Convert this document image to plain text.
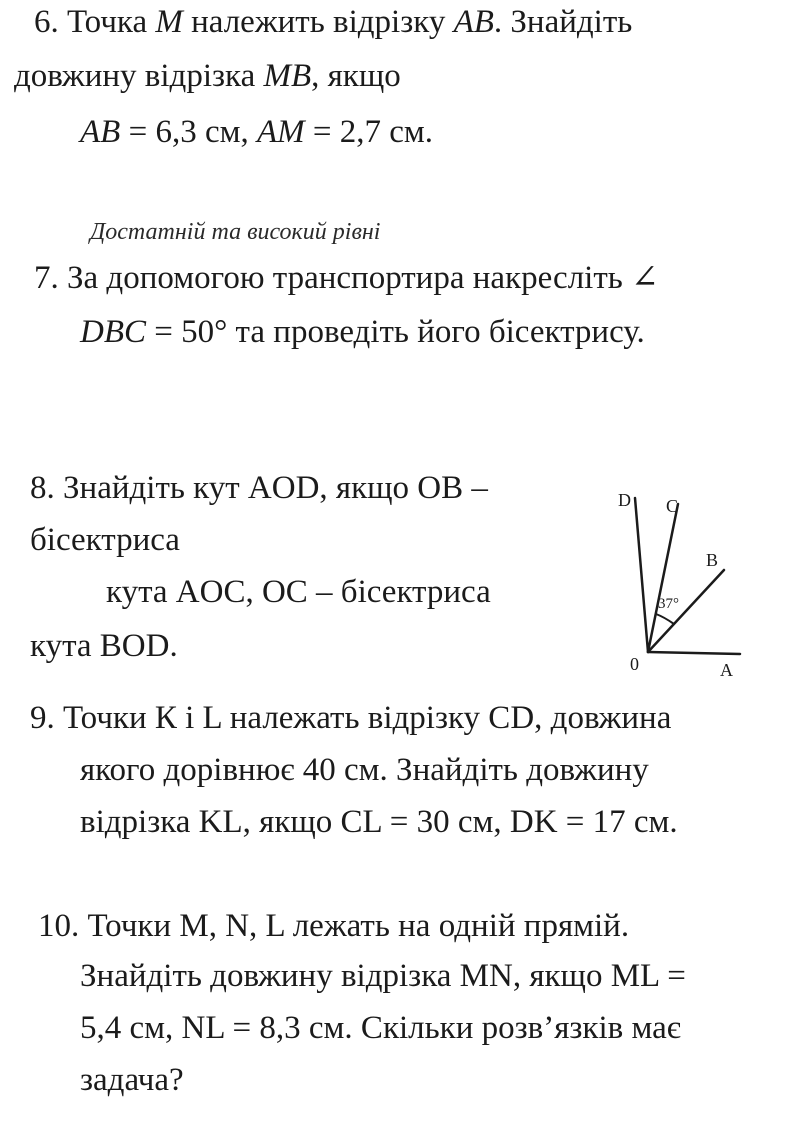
6. Точка M належить відрізку AB. Знайдіть
довжину відрізка MB, якщо
AB = 6,3 см, AM = 2,7 см.
Достатній та високий рівні
7. За допомогою транспортира накресліть ∠
DBC = 50° та проведіть його бісектрису.
8. Знайдіть кут AOD, якщо OB –
бісектриса
кута AOC, OC – бісектриса
кута BOD.
D C
B
0	A
37°
9. Точки К і L належать відрізку CD, довжина
якого дорівнює 40 см. Знайдіть довжину
відрізка KL, якщо CL = 30 см, DK = 17 см.
10. Точки M, N, L лежать на одній прямій.
Знайдіть довжину відрізка MN, якщо ML =
5,4 см, NL = 8,3 см. Скільки розв’язків має
задача?
